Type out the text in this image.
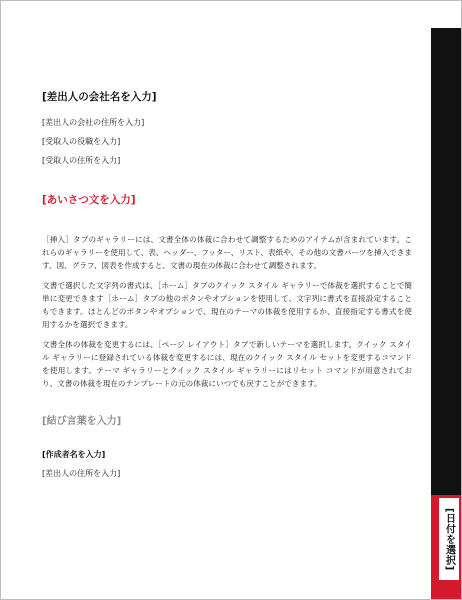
[日付を選択]
[差出人の会社名を入力]
[差出人の会社の住所を入力]
[受取人の役職を入力]
[受取人の住所を入力]
[あいさつ文を入力]

［挿入］タブのギャラリーには、文書全体の体裁に合わせて調整するためのアイテムが含まれています。これらのギャラリーを使用して、表、ヘッダー、フッター、リスト、表紙や、その他の文書パーツを挿入できます。図、グラフ、図表を作成すると、文書の現在の体裁に合わせて調整されます。

文書で選択した文字列の書式は、［ホーム］タブのクイック スタイル ギャラリーで体裁を選択することで簡単に変更できます［ホーム］タブの他のボタンやオプションを使用して、文字列に書式を直接設定することもできます。ほとんどのボタンやオプションで、現在のテーマの体裁を使用するか、直接指定する書式を使用するかを選択できます。

文書全体の体裁を変更するには、［ページ レイアウト］タブで新しいテーマを選択します。クイック スタイル ギャラリーに登録されている体裁を変更するには、現在のクイック スタイル セットを変更するコマンドを使用します。テーマ ギャラリーとクイック スタイル ギャラリーにはリセット コマンドが用意されており、文書の体裁を現在のテンプレートの元の体裁にいつでも戻すことができます。

[結び言葉を入力]
[作成者名を入力]
[差出人の住所を入力]
